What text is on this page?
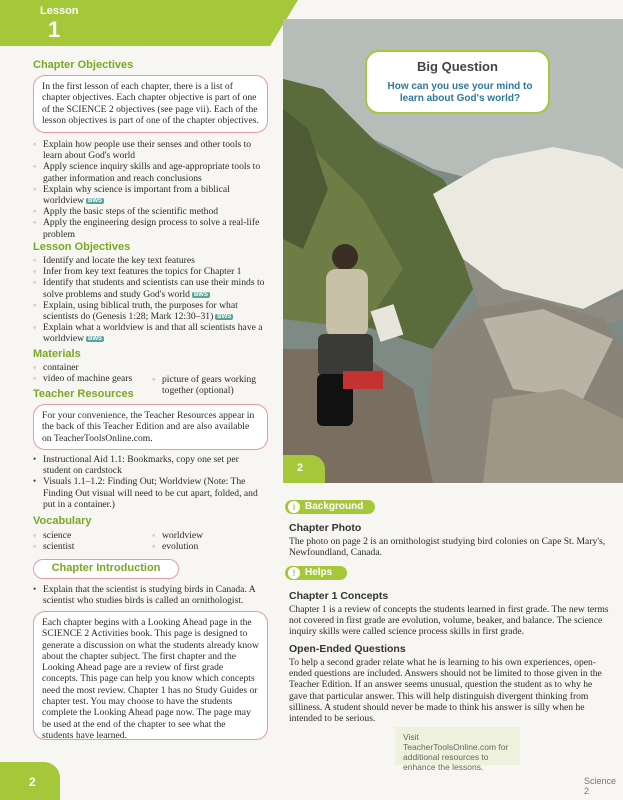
Lesson
1
Chapter Objectives
In the first lesson of each chapter, there is a list of chapter objectives. Each chapter objective is part of one of the SCIENCE 2 objectives (see page vii). Each of the lesson objectives is part of one of the chapter objectives.
◦ Explain how people use their senses and other tools to learn about God's world
◦ Apply science inquiry skills and age-appropriate tools to gather information and reach conclusions
◦ Explain why science is important from a biblical worldview BWS
◦ Apply the basic steps of the scientific method
◦ Apply the engineering design process to solve a real-life problem
Lesson Objectives
◦ Identify and locate the key text features
◦ Infer from key text features the topics for Chapter 1
◦ Identify that students and scientists can use their minds to solve problems and study God's world BWS
◦ Explain, using biblical truth, the purposes for what scientists do (Genesis 1:28; Mark 12:30–31) BWS
◦ Explain what a worldview is and that all scientists have a worldview BWS
Materials
◦ container
◦ video of machine gears
◦	picture of gears working together (optional)
Teacher Resources
For your convenience, the Teacher Resources appear in the back of this Teacher Edition and are also available on TeacherToolsOnline.com.
• Instructional Aid 1.1: Bookmarks, copy one set per student on cardstock
• Visuals 1.1–1.2: Finding Out; Worldview (Note: The Finding Out visual will need to be cut apart, folded, and put in a container.)
Vocabulary
◦ science
◦ scientist
◦ worldview
◦ evolution
Chapter Introduction
• Explain that the scientist is studying birds in Canada. A scientist who studies birds is called an ornithologist.
Each chapter begins with a Looking Ahead page in the SCIENCE 2 Activities book. This page is designed to generate a discussion on what the students already know about the chapter subject. The first chapter and the Looking Ahead page are a review of first grade concepts. This page can help you know which concepts need the most review. Chapter 1 has no Study Guides or chapter test. You may choose to have the students complete the Looking Ahead page now. The page may be used at the end of the chapter to see what the students have learned.
Big Question
How can you use your mind to learn about God's world?
2
i Background
Chapter Photo
The photo on page 2 is an ornithologist studying bird colonies on Cape St. Mary's, Newfoundland, Canada.
! Helps
Chapter 1 Concepts
Chapter 1 is a review of concepts the students learned in first grade. The new terms not covered in first grade are evolution, volume, beaker, and balance. The science inquiry skills were called science process skills in first grade.
Open-Ended Questions
To help a second grader relate what he is learning to his own experiences, open-ended questions are included. Answers should not be limited to those given in the Teacher Edition. If an answer seems unusual, question the student as to why he gave that particular answer. This will help distinguish divergent thinking from silliness. A student should never be made to think his answer is silly when he intended to be serious.
Visit TeacherToolsOnline.com for additional resources to enhance the lessons.
2	Science 2
